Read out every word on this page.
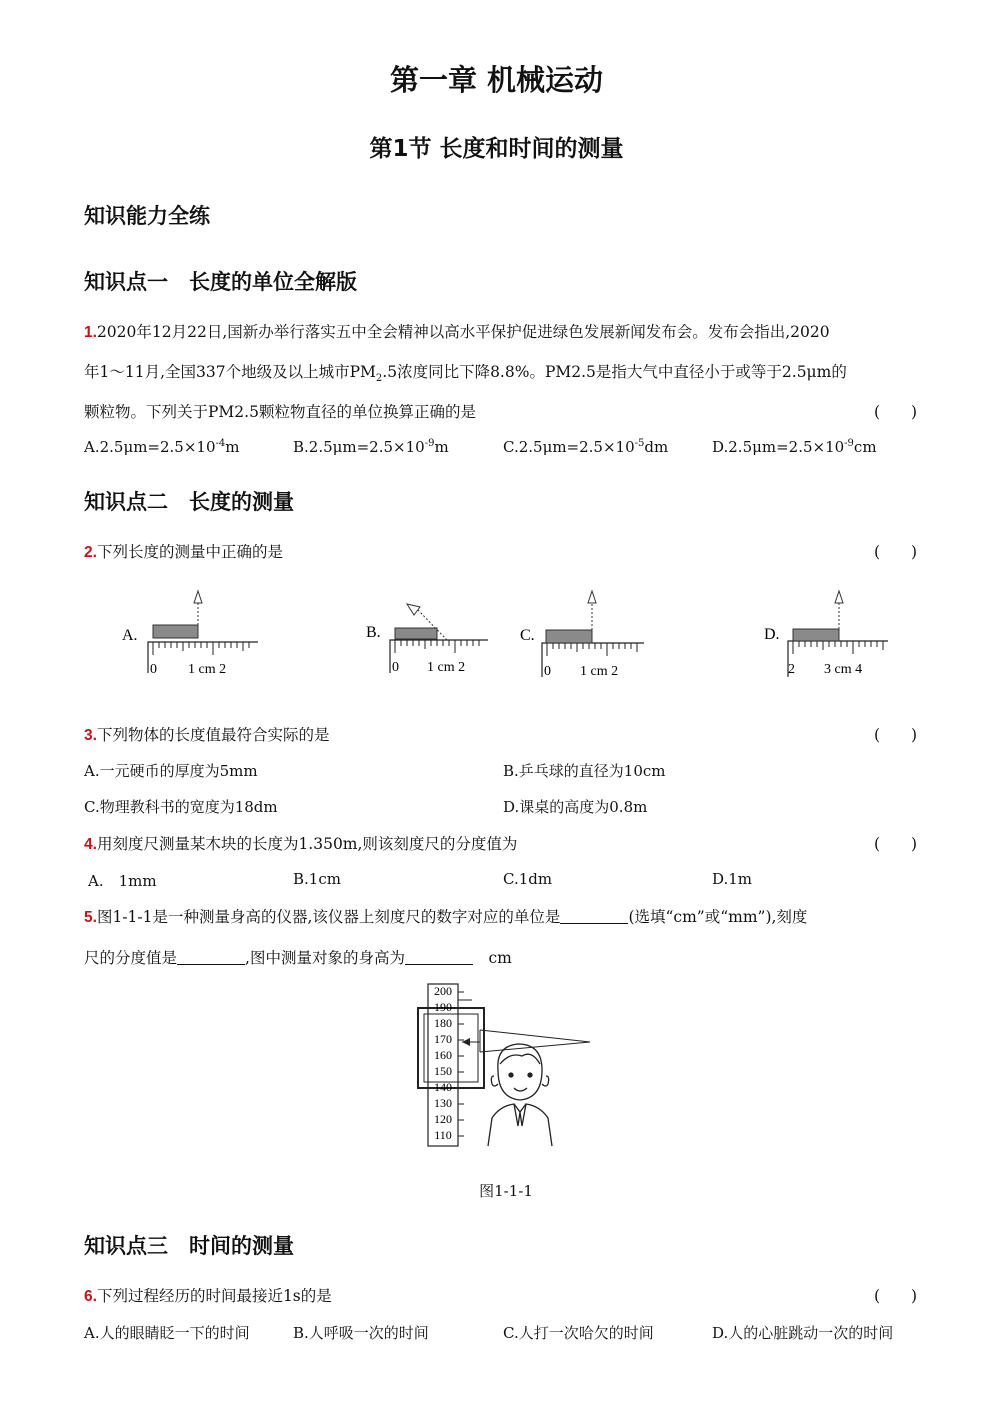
第一章 机械运动
第1节 长度和时间的测量
知识能力全练
知识点一　长度的单位全解版
1.2020年12月22日,国新办举行落实五中全会精神以高水平保护促进绿色发展新闻发布会。发布会指出,2020
年1～11月,全国337个地级及以上城市$PM_2.5$浓度同比下降8.8%。PM2.5是指大气中直径小于或等于2.5μm的
颗粒物。下列关于PM2.5颗粒物直径的单位换算正确的是	(　　)
$A.2.5\mu m=2.5\times 10^{-4}m$	$B.2.5\mu m=2.5\times 10^{-9}m$	$C.2.5\mu m=2.5\times 10^{-5}dm$	$D.2.5\mu m=2.5\times 10^{-9}cm$
知识点二　长度的测量
2.下列长度的测量中正确的是	(　　)
A.
0 1 cm 2
B.
0 1 cm 2
C.
0 1 cm 2
D.
2 3 cm 4
3.下列物体的长度值最符合实际的是	(　　)
A.一元硬币的厚度为5mm	B.乒乓球的直径为10cm
C.物理教科书的宽度为18dm	D.课桌的高度为0.8m
4.用刻度尺测量某木块的长度为1.350m,则该刻度尺的分度值为	(　　)
A.　1mm	B.1cm	C.1dm	D.1m
5.图1-1-1是一种测量身高的仪器,该仪器上刻度尺的数字对应的单位是	(选填“cm”或“mm”),刻度
尺的分度值是	,图中测量对象的身高为	　cm
200
190
180
170
160
150
140
130
120
110
图1-1-1
知识点三　时间的测量
6.下列过程经历的时间最接近1s的是	(　　)
A.人的眼睛眨一下的时间	B.人呼吸一次的时间	C.人打一次哈欠的时间	D.人的心脏跳动一次的时间
